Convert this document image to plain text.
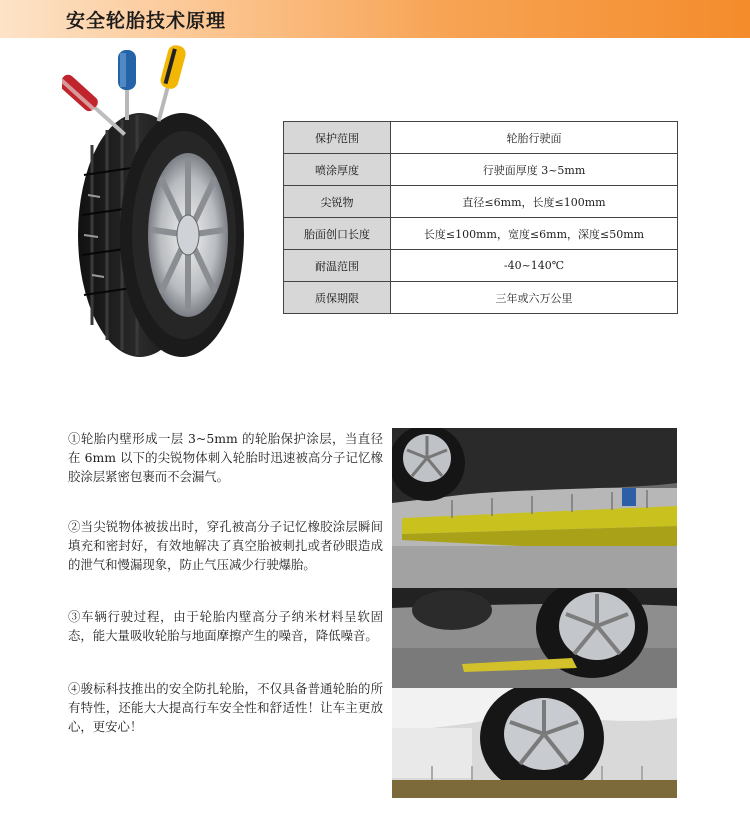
安全轮胎技术原理
保护范围	轮胎行驶面
喷涂厚度	行驶面厚度 3~5mm
尖锐物	直径≤6mm，长度≤100mm
胎面创口长度	长度≤100mm，宽度≤6mm，深度≤50mm
耐温范围	-40~140℃
质保期限	三年或六万公里

①轮胎内壁形成一层 3~5mm 的轮胎保护涂层，当直径在 6mm 以下的尖锐物体刺入轮胎时迅速被高分子记忆橡胶涂层紧密包裹而不会漏气。

②当尖锐物体被拔出时，穿孔被高分子记忆橡胶涂层瞬间填充和密封好，有效地解决了真空胎被刺扎或者砂眼造成的泄气和慢漏现象，防止气压减少行驶爆胎。

③车辆行驶过程，由于轮胎内壁高分子纳米材料呈软固态，能大量吸收轮胎与地面摩擦产生的噪音，降低噪音。

④骏标科技推出的安全防扎轮胎，不仅具备普通轮胎的所有特性，还能大大提高行车安全性和舒适性！让车主更放心，更安心！
